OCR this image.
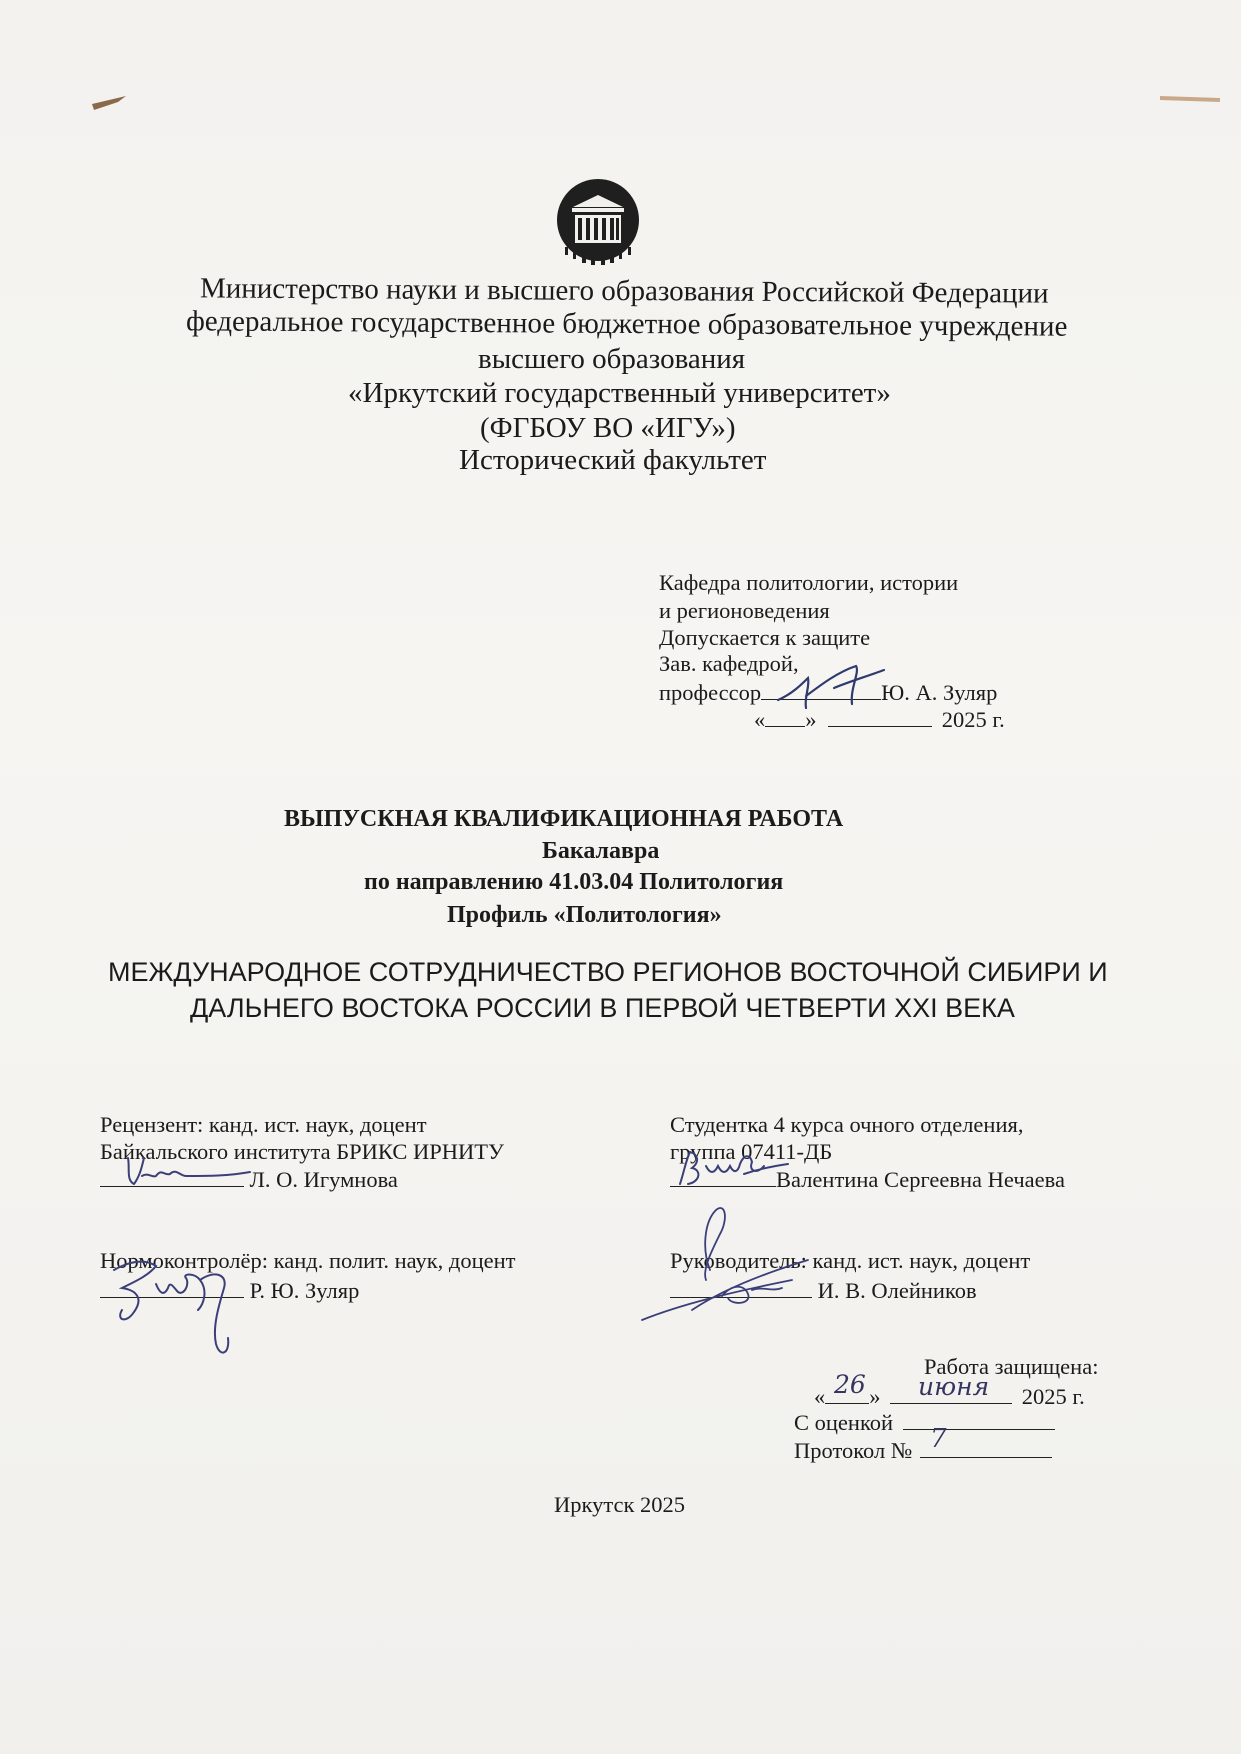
Министерство науки и высшего образования Российской Федерации
федеральное государственное бюджетное образовательное учреждение
высшего образования
«Иркутский государственный университет»
(ФГБОУ ВО «ИГУ»)
Исторический факультет
Кафедра политологии, истории
и регионоведения
Допускается к защите
Зав. кафедрой,
профессор	Ю. А. Зуляр
« »	2025 г.
ВЫПУСКНАЯ КВАЛИФИКАЦИОННАЯ РАБОТА
Бакалавра
по направлению 41.03.04 Политология
Профиль «Политология»
МЕЖДУНАРОДНОЕ СОТРУДНИЧЕСТВО РЕГИОНОВ ВОСТОЧНОЙ СИБИРИ И
ДАЛЬНЕГО ВОСТОКА РОССИИ В ПЕРВОЙ ЧЕТВЕРТИ XXI ВЕКА
Рецензент: канд. ист. наук, доцент
Байкальского института БРИКС ИРНИТУ
Л. О. Игумнова
Студентка 4 курса очного отделения,
группа 07411-ДБ
Валентина Сергеевна Нечаева
Нормоконтролёр: канд. полит. наук, доцент
Р. Ю. Зуляр
Руководитель: канд. ист. наук, доцент
И. В. Олейников
Работа защищена:
« »	2025 г.
26 июня
С оценкой
Протокол № 7
Иркутск 2025
